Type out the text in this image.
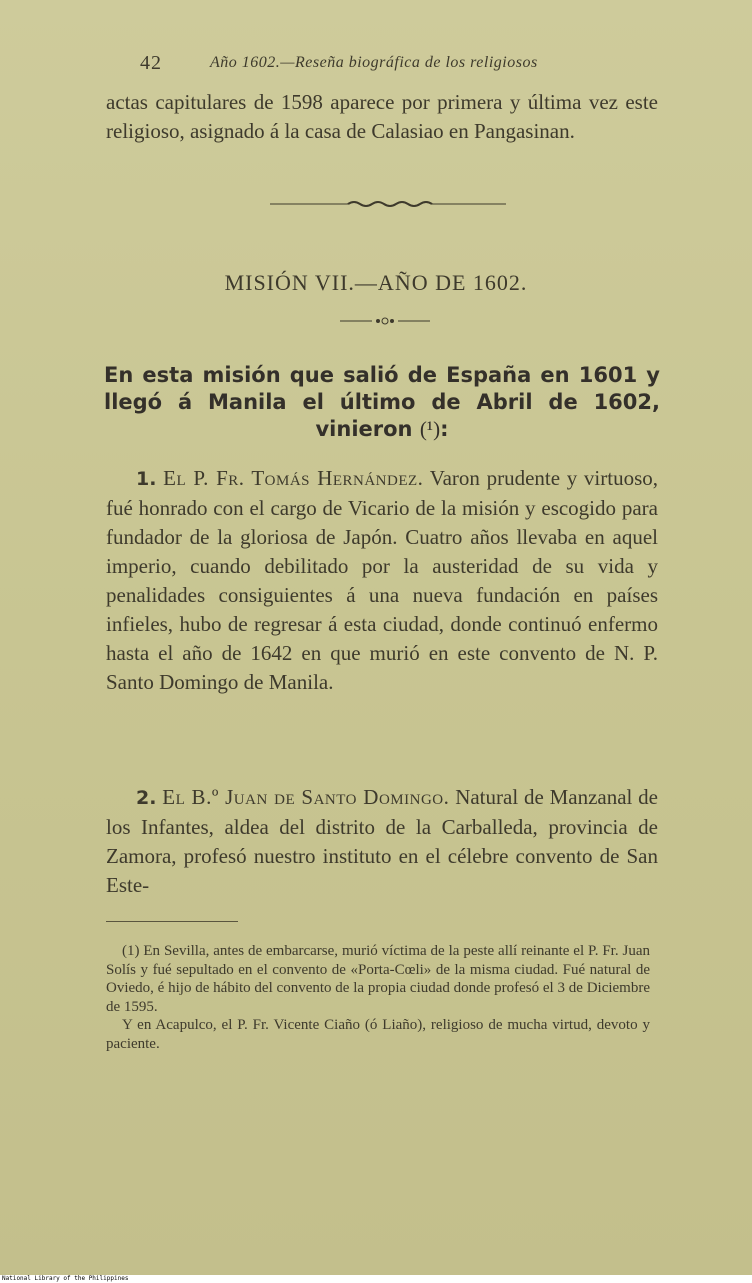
42	Año 1602.—Reseña biográfica de los religiosos

actas capitulares de 1598 aparece por primera y última vez este religioso, asignado á la casa de Calasiao en Pangasinan.

MISIÓN VII.—AÑO DE 1602.
En esta misión que salió de España en 1601 y llegó á Manila el último de Abril de 1602, vinieron (¹):

1. El P. Fr. Tomás Hernández. Varon prudente y virtuoso, fué honrado con el cargo de Vicario de la misión y escogido para fundador de la gloriosa de Japón. Cuatro años llevaba en aquel imperio, cuando debilitado por la austeridad de su vida y penalidades consiguientes á una nueva fundación en países infieles, hubo de regresar á esta ciudad, donde continuó enfermo hasta el año de 1642 en que murió en este convento de N. P. Santo Domingo de Manila.

2. El B.º Juan de Santo Domingo. Natural de Manzanal de los Infantes, aldea del distrito de la Carballeda, provincia de Zamora, profesó nuestro instituto en el célebre convento de San Este-

(1) En Sevilla, antes de embarcarse, murió víctima de la peste allí reinante el P. Fr. Juan Solís y fué sepultado en el convento de «Porta-Cœli» de la misma ciudad. Fué natural de Oviedo, é hijo de hábito del convento de la propia ciudad donde profesó el 3 de Diciembre de 1595.

Y en Acapulco, el P. Fr. Vicente Ciaño (ó Liaño), religioso de mucha virtud, devoto y paciente.

National Library of the Philippines
